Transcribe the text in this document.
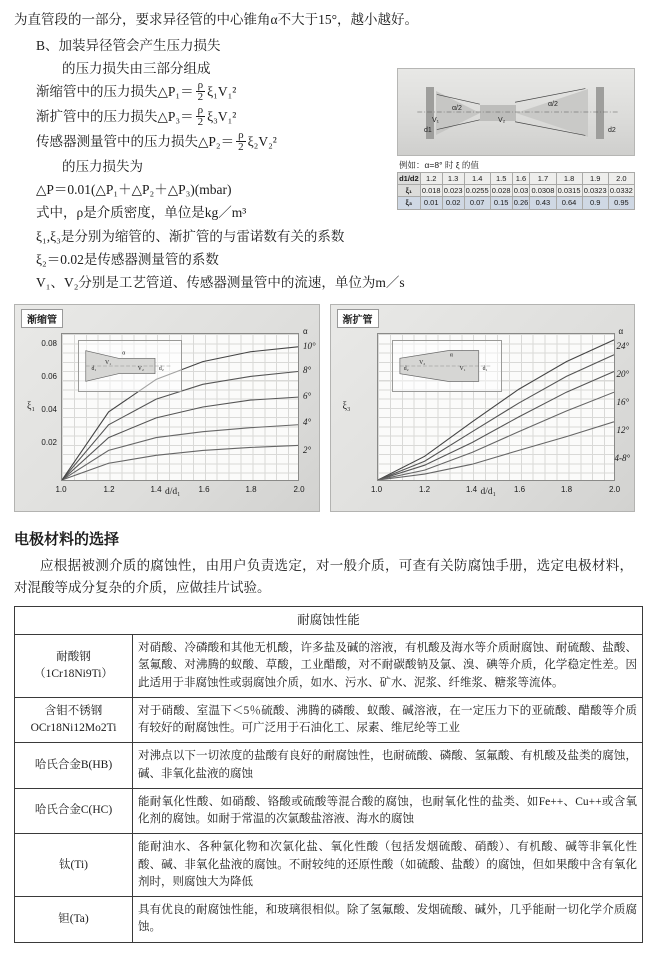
为直管段的一部分，要求异径管的中心锥角α不大于15°，越小越好。
B、加装异径管会产生压力损失
的压力损失由三部分组成
渐缩管中的压力损失△P₁＝ $\frac{\rho}{2} \xi_1V_1^2$
渐扩管中的压力损失△P₃＝ $\frac{\rho}{2} \xi_3V_1^2$
传感器测量管中的压力损失△P₂＝ $\frac{\rho}{2} \xi_2V_2^2$
的压力损失为
△P＝0.01(△P₁＋△P₂＋△P₃)(mbar)
式中，ρ是介质密度，单位是kg／m³
ξ₁,ξ₃是分别为缩管的、渐扩管的与雷诺数有关的系数
ξ₂＝0.02是传感器测量管的系数
V₁、V₂分别是工艺管道、传感器测量管中的流速，单位为m／s
α/2
α/2
d1	d2
V₁	V₂
例如：α=8° 时 ξ 的值
d1/d2	1.2	1.3	1.4	1.5	1.6	1.7	1.8	1.9	2.0
ξ₁	0.018	0.023	0.0255	0.028	0.03	0.0308	0.0315	0.0323	0.0332
ξ₃	0.01	0.02	0.07	0.15	0.26	0.43	0.64	0.9	0.95
渐缩管
d₁
α
d₂
V₁
V₂
ξ₁
d/d₁
α
0.08
0.06
0.04
0.02
1.0	1.2	1.4	1.6	1.8	2.0
10°
8°
6°
4°
2°
渐扩管
d₂
α
d₁
V₂
V₁
ξ₃
d/d₁
α
24°
20°
16°
12°
4-8°
1.0	1.2	1.4	1.6	1.8	2.0
电极材料的选择

应根据被测介质的腐蚀性，由用户负责选定，对一般介质，可查有关防腐蚀手册，选定电极材料，对混酸等成分复杂的介质，应做挂片试验。

耐腐蚀性能	
耐酸钢
（1Cr18Ni9Ti）	对硝酸、冷磷酸和其他无机酸，许多盐及碱的溶液，有机酸及海水等介质耐腐蚀、耐硫酸、盐酸、氢氟酸、对沸腾的蚁酸、草酸，工业醋酸，对不耐碳酸钠及氯、溴、碘等介质，化学稳定性差。因此适用于非腐蚀性或弱腐蚀介质，如水、污水、矿水、泥浆、纤维浆、糖浆等流体。
含钼不锈钢
OCr18Ni12Mo2Ti	对于硝酸、室温下＜5％硫酸、沸腾的磷酸、蚁酸、碱溶液，在一定压力下的亚硫酸、醋酸等介质有较好的耐腐蚀性。可广泛用于石油化工、尿素、维尼纶等工业
哈氏合金B(HB)	对沸点以下一切浓度的盐酸有良好的耐腐蚀性，也耐硫酸、磷酸、氢氟酸、有机酸及盐类的腐蚀，碱、非氧化盐液的腐蚀
哈氏合金C(HC)	能耐氧化性酸、如硝酸、铬酸或硫酸等混合酸的腐蚀，也耐氧化性的盐类、如Fe++、Cu++或含氧化剂的腐蚀。如耐于常温的次氯酸盐溶液、海水的腐蚀
钛(Ti)	能耐油水、各种氯化物和次氯化盐、氧化性酸（包括发烟硫酸、硝酸）、有机酸、碱等非氧化性酸、碱、非氧化盐液的腐蚀。不耐较纯的还原性酸（如硫酸、盐酸）的腐蚀，但如果酸中含有氧化剂时，则腐蚀大为降低
钽(Ta)	具有优良的耐腐蚀性能，和玻璃很相似。除了氢氟酸、发烟硫酸、碱外，几乎能耐一切化学介质腐蚀。
